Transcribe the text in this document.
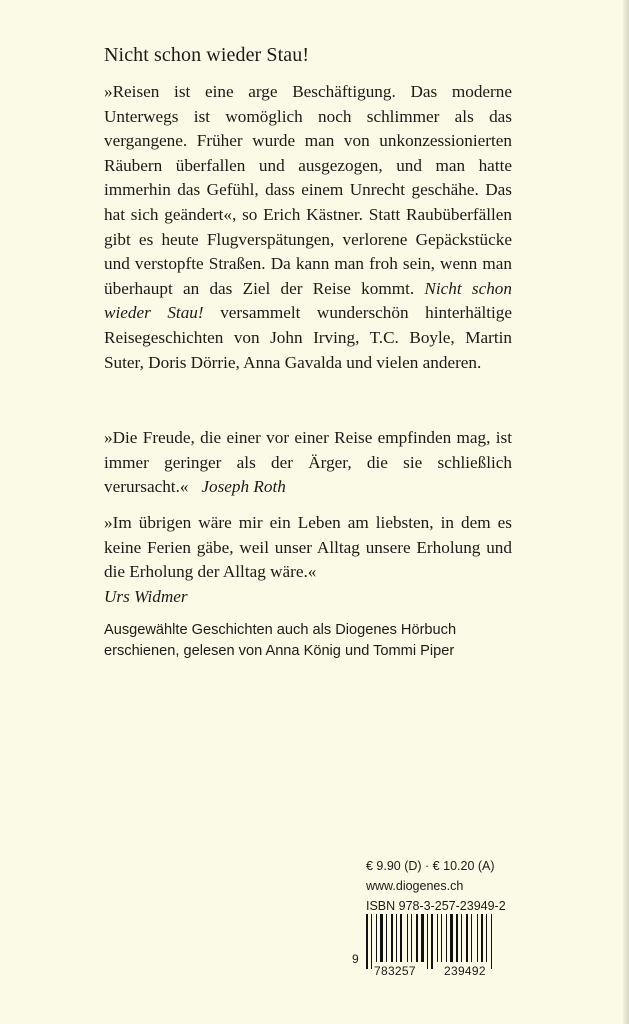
Nicht schon wieder Stau!

»Reisen ist eine arge Beschäftigung. Das moderne Unterwegs ist womöglich noch schlimmer als das vergangene. Früher wurde man von unkonzessionierten Räubern überfallen und ausgezogen, und man hatte immerhin das Gefühl, dass einem Unrecht geschähe. Das hat sich geändert«, so Erich Kästner. Statt Raubüberfällen gibt es heute Flugverspätungen, verlorene Gepäckstücke und verstopfte Straßen. Da kann man froh sein, wenn man überhaupt an das Ziel der Reise kommt. Nicht schon wieder Stau! versammelt wunderschön hinterhältige Reisegeschichten von John Irving, T.C. Boyle, Martin Suter, Doris Dörrie, Anna Gavalda und vielen anderen.

»Die Freude, die einer vor einer Reise empfinden mag, ist immer geringer als der Ärger, die sie schließlich verursacht.« Joseph Roth

»Im übrigen wäre mir ein Leben am liebsten, in dem es keine Ferien gäbe, weil unser Alltag unsere Erholung und die Erholung der Alltag wäre.«
Urs Widmer

Ausgewählte Geschichten auch als Diogenes Hörbuch
erschienen, gelesen von Anna König und Tommi Piper
€ 9.90 (D) · € 10.20 (A)
www.diogenes.ch
ISBN 978-3-257-23949-2
9
783257 239492
